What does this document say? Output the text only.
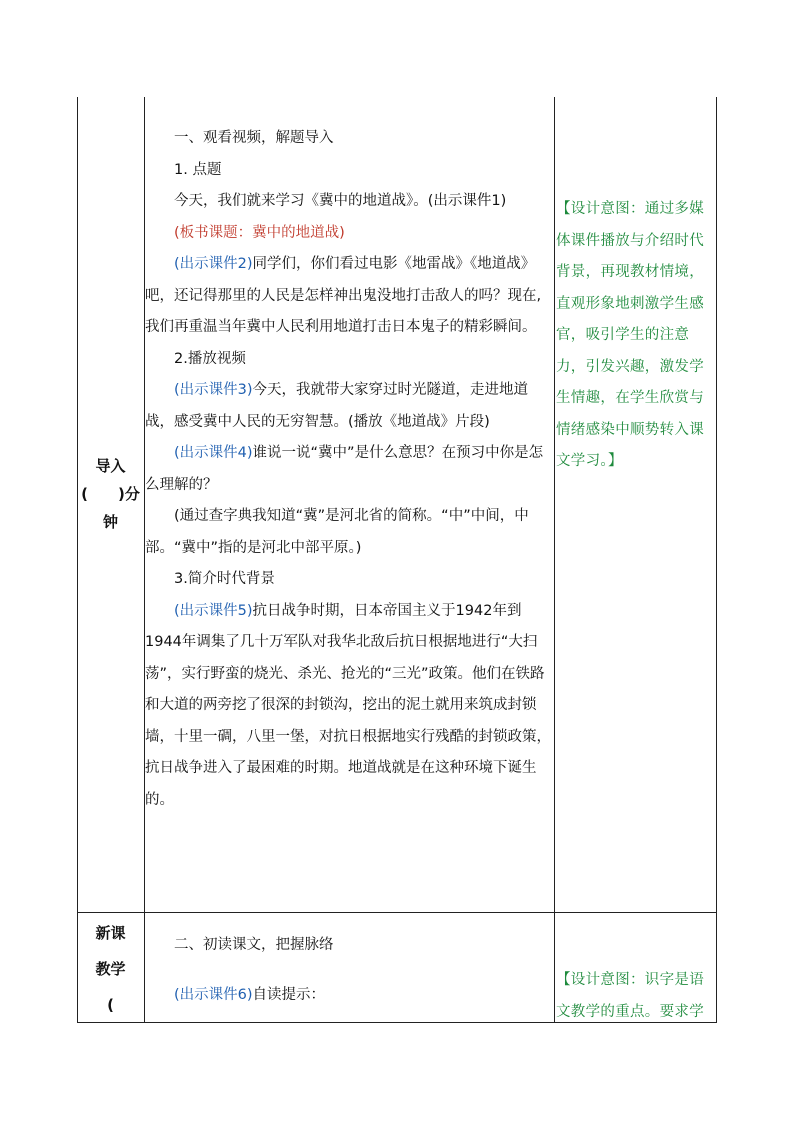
导入
(　　)分
钟

一、观看视频，解题导入

1. 点题

今天，我们就来学习《冀中的地道战》。(出示课件1)

(板书课题：冀中的地道战)

(出示课件2)同学们，你们看过电影《地雷战》《地道战》吧，还记得那里的人民是怎样神出鬼没地打击敌人的吗？现在,我们再重温当年冀中人民利用地道打击日本鬼子的精彩瞬间。

2.播放视频

(出示课件3)今天，我就带大家穿过时光隧道，走进地道战，感受冀中人民的无穷智慧。(播放《地道战》片段)

(出示课件4)谁说一说“冀中”是什么意思？在预习中你是怎么理解的？

(通过查字典我知道“冀”是河北省的简称。“中”中间，中部。“冀中”指的是河北中部平原。)

3.简介时代背景

(出示课件5)抗日战争时期，日本帝国主义于1942年到1944年调集了几十万军队对我华北敌后抗日根据地进行“大扫荡”，实行野蛮的烧光、杀光、抢光的“三光”政策。他们在铁路和大道的两旁挖了很深的封锁沟，挖出的泥土就用来筑成封锁墙，十里一碉，八里一堡，对抗日根据地实行残酷的封锁政策，抗日战争进入了最困难的时期。地道战就是在这种环境下诞生的。

【设计意图：通过多媒体课件播放与介绍时代背景，再现教材情境，直观形象地刺激学生感官，吸引学生的注意力，引发兴趣，激发学生情趣，在学生欣赏与情绪感染中顺势转入课文学习。】
新课
教学
(

二、初读课文，把握脉络

(出示课件6)自读提示：

【设计意图：识字是语文教学的重点。要求学
